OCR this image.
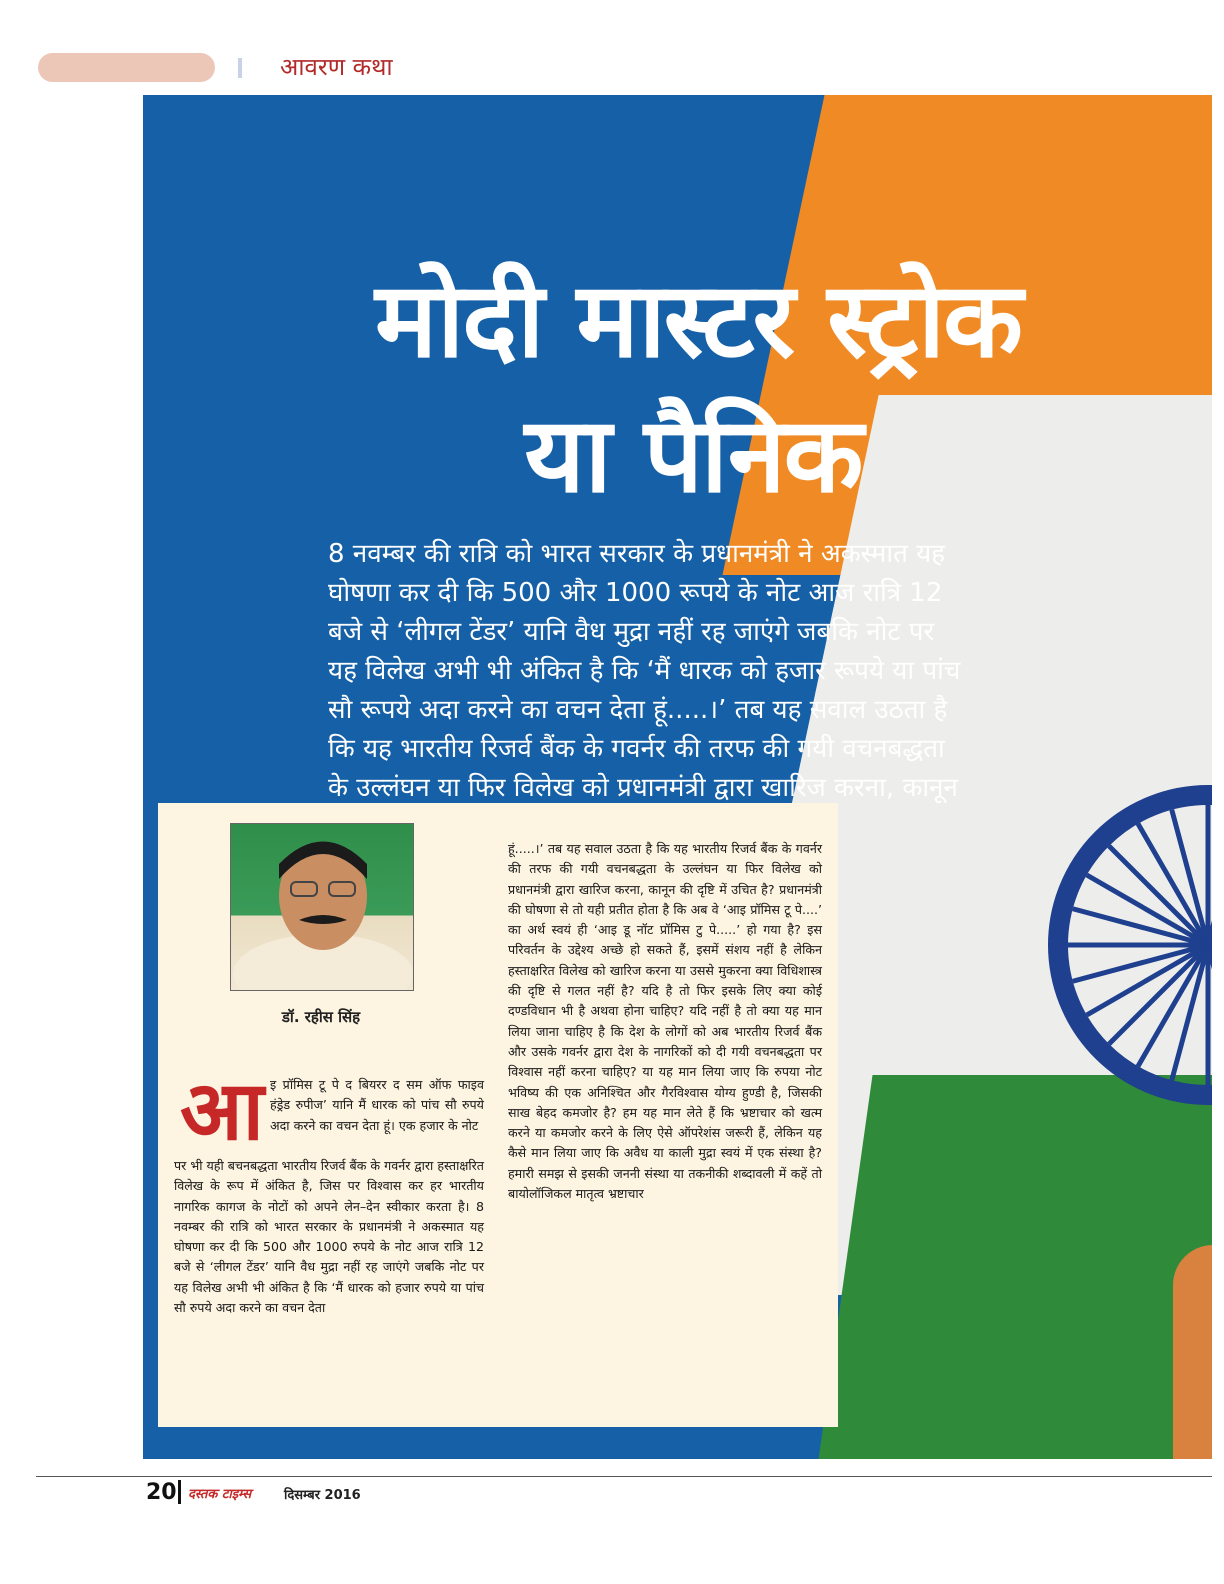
आवरण कथा
मोदी मास्टर स्ट्रोक
या पैनिक
8 नवम्बर की रात्रि को भारत सरकार के प्रधानमंत्री ने अकस्मात यह घोषणा कर दी कि 500 और 1000 रूपये के नोट आज रात्रि 12 बजे से ‘लीगल टेंडर’ यानि वैध मुद्रा नहीं रह जाएंगे जबकि नोट पर यह विलेख अभी भी अंकित है कि ‘मैं धारक को हजार रूपये या पांच सौ रूपये अदा करने का वचन देता हूं.....।’ तब यह सवाल उठता है कि यह भारतीय रिजर्व बैंक के गवर्नर की तरफ की गयी वचनबद्धता के उल्लंघन या फिर विलेख को प्रधानमंत्री द्वारा खारिज करना, कानून
डॉ. रहीस सिंह
आ इ प्रॉमिस टू पे द बियरर द सम ऑफ फाइव हंड्रेड रुपीज’ यानि मैं धारक को पांच सौ रुपये अदा करने का वचन देता हूं। एक हजार के नोट
पर भी यही बचनबद्धता भारतीय रिजर्व बैंक के गवर्नर द्वारा हस्ताक्षरित विलेख के रूप में अंकित है, जिस पर विश्वास कर हर भारतीय नागरिक कागज के नोटों को अपने लेन–देन स्वीकार करता है। 8 नवम्बर की रात्रि को भारत सरकार के प्रधानमंत्री ने अकस्मात यह घोषणा कर दी कि 500 और 1000 रुपये के नोट आज रात्रि 12 बजे से ‘लीगल टेंडर’ यानि वैध मुद्रा नहीं रह जाएंगे जबकि नोट पर यह विलेख अभी भी अंकित है कि ‘मैं धारक को हजार रुपये या पांच सौ रुपये अदा करने का वचन देता
हूं.....।’ तब यह सवाल उठता है कि यह भारतीय रिजर्व बैंक के गवर्नर की तरफ की गयी वचनबद्धता के उल्लंघन या फिर विलेख को प्रधानमंत्री द्वारा खारिज करना, कानून की दृष्टि में उचित है? प्रधानमंत्री की घोषणा से तो यही प्रतीत होता है कि अब वे ‘आइ प्रॉमिस टू पे....’ का अर्थ स्वयं ही ‘आइ डू नॉट प्रॉमिस टु पे.....’ हो गया है? इस परिवर्तन के उद्देश्य अच्छे हो सकते हैं, इसमें संशय नहीं है लेकिन हस्ताक्षरित विलेख को खारिज करना या उससे मुकरना क्या विधिशास्त्र की दृष्टि से गलत नहीं है? यदि है तो फिर इसके लिए क्या कोई दण्डविधान भी है अथवा होना चाहिए? यदि नहीं है तो क्या यह मान लिया जाना चाहिए है कि देश के लोगों को अब भारतीय रिजर्व बैंक और उसके गवर्नर द्वारा देश के नागरिकों को दी गयी वचनबद्धता पर विश्वास नहीं करना चाहिए? या यह मान लिया जाए कि रुपया नोट भविष्य की एक अनिश्चित और गैरविश्वास योग्य हुण्डी है, जिसकी साख बेहद कमजोर है? हम यह मान लेते हैं कि भ्रष्टाचार को खत्म करने या कमजोर करने के लिए ऐसे ऑपरेशंस जरूरी हैं, लेकिन यह कैसे मान लिया जाए कि अवैध या काली मुद्रा स्वयं में एक संस्था है? हमारी समझ से इसकी जननी संस्था या तकनीकी शब्दावली में कहें तो बायोलॉजिकल मातृत्व भ्रष्टाचार
20 दस्तक टाइम्स	दिसम्बर 2016
